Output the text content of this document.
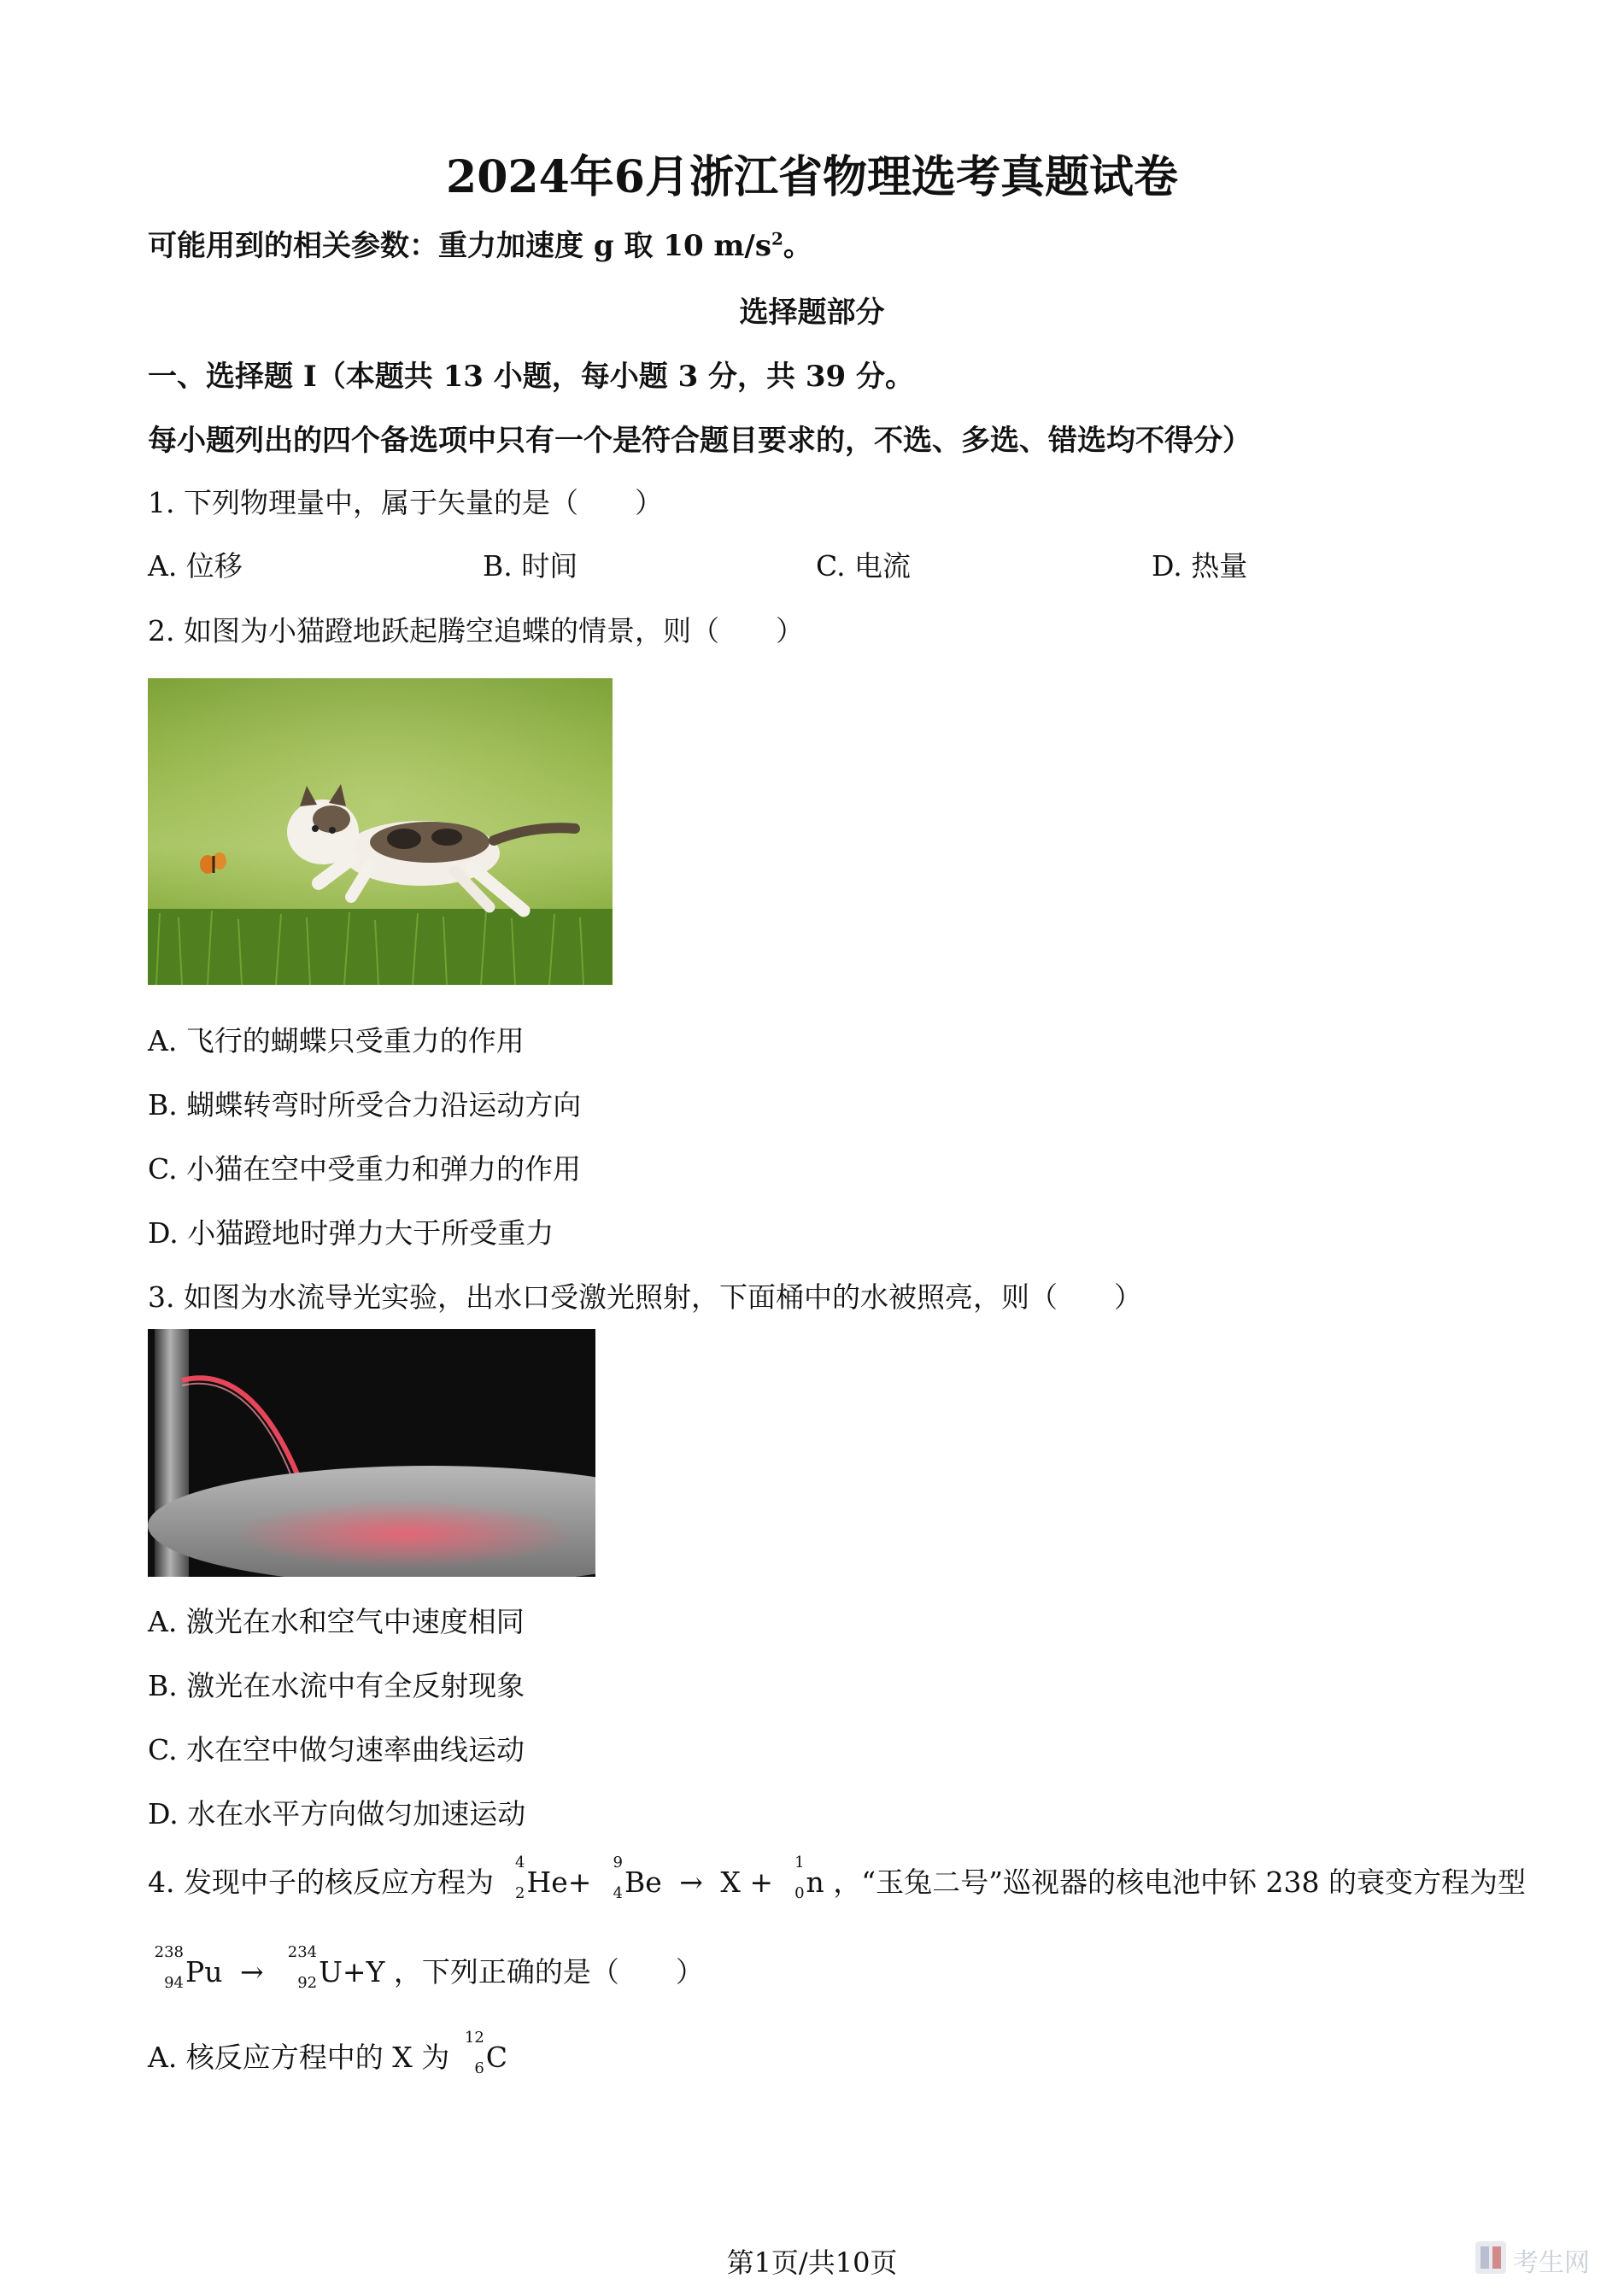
2024年6月浙江省物理选考真题试卷
可能用到的相关参数：重力加速度 g 取 10 $m/s^2$。
选择题部分
一、选择题 I（本题共 13 小题，每小题 3 分，共 39 分。
每小题列出的四个备选项中只有一个是符合题目要求的，不选、多选、错选均不得分）
1. 下列物理量中，属于矢量的是（　　）
A. 位移	B. 时间	C. 电流	D. 热量
2. 如图为小猫蹬地跃起腾空追蝶的情景，则（　　）
A. 飞行的蝴蝶只受重力的作用
B. 蝴蝶转弯时所受合力沿运动方向
C. 小猫在空中受重力和弹力的作用
D. 小猫蹬地时弹力大于所受重力
3. 如图为水流导光实验，出水口受激光照射，下面桶中的水被照亮，则（　　）
A. 激光在水和空气中速度相同
B. 激光在水流中有全反射现象
C. 水在空中做匀速率曲线运动
D. 水在水平方向做匀加速运动
4. 发现中子的核反应方程为
4
2 He+
9
4 Be → X +
1
0 n ，“玉兔二号”巡视器的核电池中钚 238 的衰变方程为型
238
94 Pu →
234
92 U+Y ，下列正确的是（　　）
A. 核反应方程中的 X 为
12
6 C
第1页/共10页	考生网
